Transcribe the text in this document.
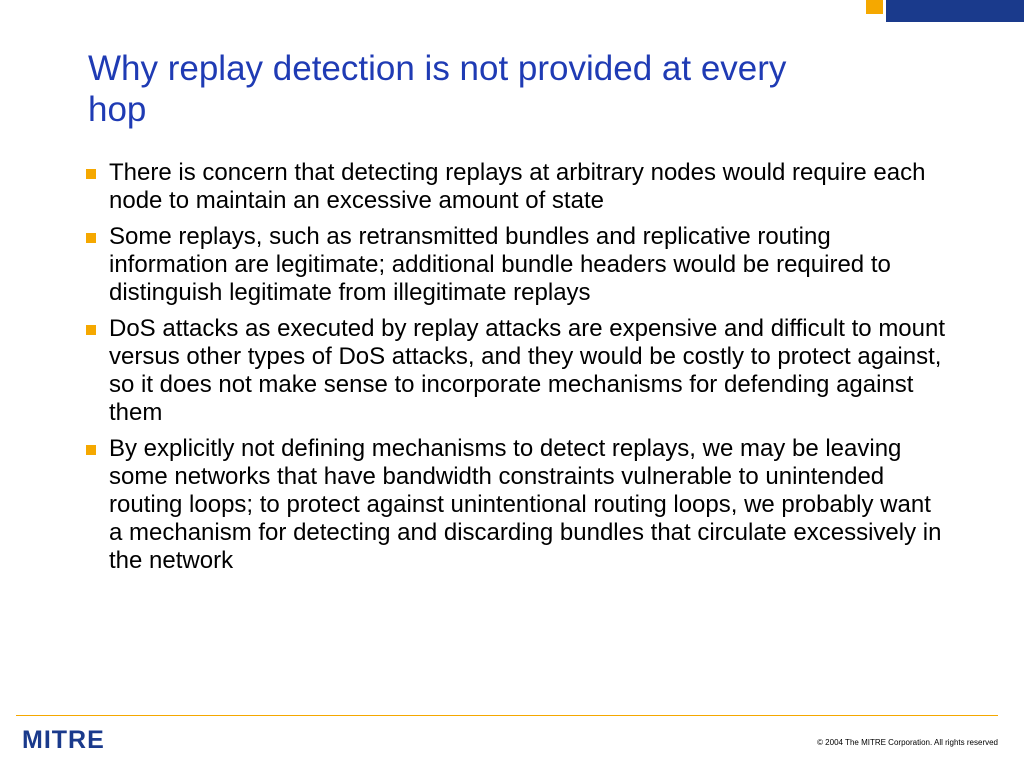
Why replay detection is not provided at every hop
There is concern that detecting replays at arbitrary nodes would require each node to maintain an excessive amount of state
Some replays, such as retransmitted bundles and replicative routing information are legitimate; additional bundle headers would be required to distinguish legitimate from illegitimate replays
DoS attacks as executed by replay attacks are expensive and difficult to mount versus other types of DoS attacks, and they would be costly to protect against, so it does not make sense to incorporate mechanisms for defending against them
By explicitly not defining mechanisms to detect replays, we may be leaving some networks that have bandwidth constraints vulnerable to unintended routing loops; to protect against unintentional routing loops, we probably want a mechanism for detecting and discarding bundles that circulate excessively in the network
MITRE	© 2004 The MITRE Corporation. All rights reserved
